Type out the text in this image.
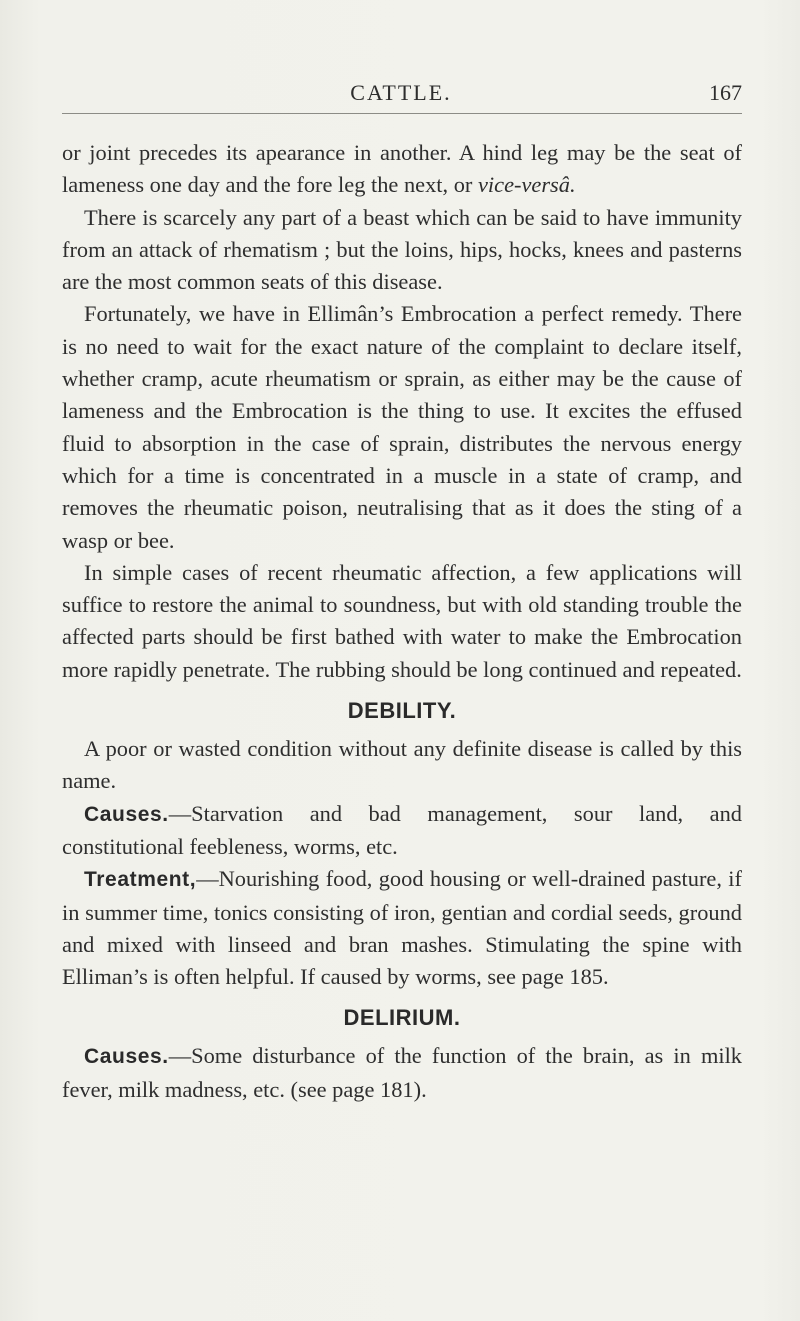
CATTLE.	167

or joint precedes its apearance in another. A hind leg may be the seat of lameness one day and the fore leg the next, or vice-versâ.

There is scarcely any part of a beast which can be said to have immunity from an attack of rhematism ; but the loins, hips, hocks, knees and pasterns are the most common seats of this disease.

Fortunately, we have in Ellimân’s Embrocation a perfect remedy. There is no need to wait for the exact nature of the complaint to declare itself, whether cramp, acute rheumatism or sprain, as either may be the cause of lameness and the Embrocation is the thing to use. It excites the effused fluid to absorption in the case of sprain, distributes the nervous energy which for a time is concentrated in a muscle in a state of cramp, and removes the rheumatic poison, neutralising that as it does the sting of a wasp or bee.

In simple cases of recent rheumatic affection, a few applications will suffice to restore the animal to soundness, but with old standing trouble the affected parts should be first bathed with water to make the Embrocation more rapidly penetrate. The rubbing should be long continued and repeated.

DEBILITY.

A poor or wasted condition without any definite disease is called by this name.

Causes.—Starvation and bad management, sour land, and constitutional feebleness, worms, etc.

Treatment,—Nourishing food, good housing or well-drained pasture, if in summer time, tonics consisting of iron, gentian and cordial seeds, ground and mixed with linseed and bran mashes. Stimulating the spine with Elliman’s is often helpful. If caused by worms, see page 185.

DELIRIUM.

Causes.—Some disturbance of the function of the brain, as in milk fever, milk madness, etc. (see page 181).
